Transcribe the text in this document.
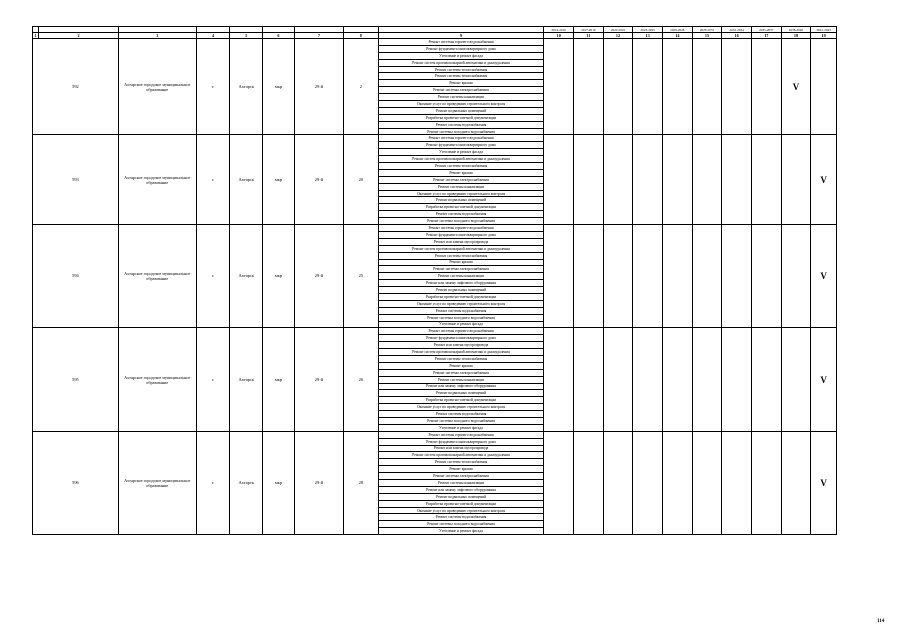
									2014-2016	2017-2019	2020-2022	2023-2025	2026-2028	2029-2031	2032-2034	2035-2037	2038-2040	2041-2043
1	2	3	4	5	6	7	8	9	10	11	12	13	14	15	16	17	18	19
592		Ахтарское городское муниципальное образование	г.	Ахтарск	мкр	29-й	2	Ремонт системы горячего водоснабжения									V	
								Ремонт фундамента многоквартирного дома										
								Утепление и ремонт фасада										
								Ремонт систем противопожарной автоматики и дымоудаления										
								Ремонт системы теплоснабжения										
								Ремонт системы теплоснабжения										
								Ремонт крыши										
								Ремонт системы электроснабжения										
								Ремонт системы канализации										
								Оказание услуг по проведению строительного контроля										
								Ремонт подвальных помещений										
								Разработка проектно-сметной документации										
								Ремонт системы водоснабжения										
								Ремонт системы холодного водоснабжения										
593		Ахтарское городское муниципальное образование	г.	Ахтарск	мкр	29-й	20	Ремонт системы горячего водоснабжения										V
								Ремонт фундамента многоквартирного дома										
								Утепление и ремонт фасада										
								Ремонт систем противопожарной автоматики и дымоудаления										
								Ремонт системы теплоснабжения										
								Ремонт крыши										
								Ремонт системы электроснабжения										
								Ремонт системы канализации										
								Оказание услуг по проведению строительного контроля										
								Ремонт подвальных помещений										
								Разработка проектно-сметной документации										
								Ремонт системы водоснабжения										
								Ремонт системы холодного водоснабжения										
594		Ахтарское городское муниципальное образование	г.	Ахтарск	мкр	29-й	25	Ремонт системы горячего водоснабжения										V
								Ремонт фундамента многоквартирного дома										
								Ремонт или замена мусоропровода										
								Ремонт систем противопожарной автоматики и дымоудаления										
								Ремонт системы теплоснабжения										
								Ремонт крыши										
								Ремонт системы электроснабжения										
								Ремонт системы канализации										
								Ремонт или замену лифтового оборудования										
								Ремонт подвальных помещений										
								Разработка проектно-сметной документации										
								Оказание услуг по проведению строительного контроля										
								Ремонт системы водоснабжения										
								Ремонт системы холодного водоснабжения										
								Утепление и ремонт фасада										
595		Ахтарское городское муниципальное образование	г.	Ахтарск	мкр	29-й	26	Ремонт системы горячего водоснабжения										V
								Ремонт фундамента многоквартирного дома										
								Ремонт или замена мусоропровода										
								Ремонт систем противопожарной автоматики и дымоудаления										
								Ремонт системы теплоснабжения										
								Ремонт крыши										
								Ремонт системы электроснабжения										
								Ремонт системы канализации										
								Ремонт или замену лифтового оборудования										
								Ремонт подвальных помещений										
								Разработка проектно-сметной документации										
								Оказание услуг по проведению строительного контроля										
								Ремонт системы водоснабжения										
								Ремонт системы холодного водоснабжения										
								Утепление и ремонт фасада										
596		Ахтарское городское муниципальное образование	г.	Ахтарск	мкр	29-й	28	Ремонт системы горячего водоснабжения										V
								Ремонт фундамента многоквартирного дома										
								Ремонт или замена мусоропровода										
								Ремонт систем противопожарной автоматики и дымоудаления										
								Ремонт системы теплоснабжения										
								Ремонт крыши										
								Ремонт системы электроснабжения										
								Ремонт системы канализации										
								Ремонт или замену лифтового оборудования										
								Ремонт подвальных помещений										
								Разработка проектно-сметной документации										
								Оказание услуг по проведению строительного контроля										
								Ремонт системы водоснабжения										
								Ремонт системы холодного водоснабжения										
								Утепление и ремонт фасада										
114
